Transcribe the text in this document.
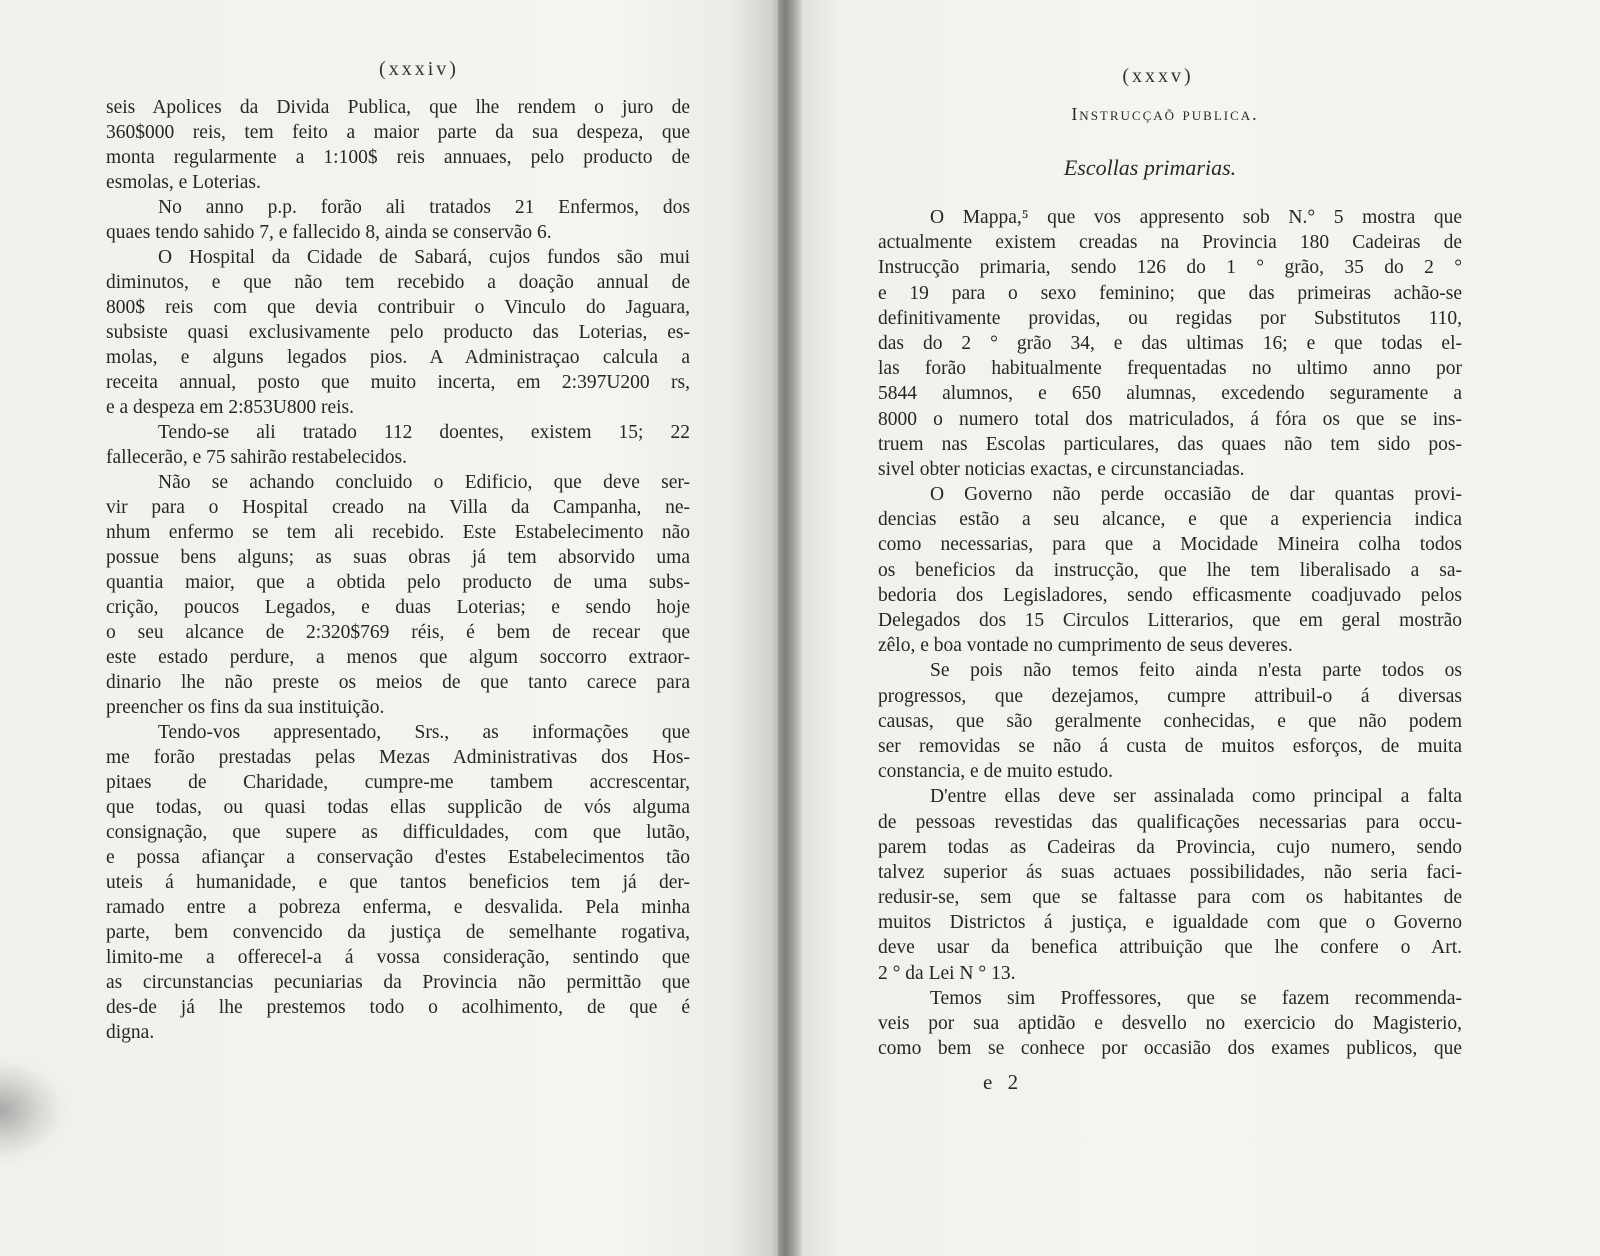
(xxxiv)
seis Apolices da Divida Publica, que lhe rendem o juro de
360$000 reis, tem feito a maior parte da sua despeza, que
monta regularmente a 1:100$ reis annuaes, pelo producto de
esmolas, e Loterias.
No anno p.p. forão ali tratados 21 Enfermos, dos
quaes tendo sahido 7, e fallecido 8, ainda se conservão 6.
O Hospital da Cidade de Sabará, cujos fundos são mui
diminutos, e que não tem recebido a doação annual de
800$ reis com que devia contribuir o Vinculo do Jaguara,
subsiste quasi exclusivamente pelo producto das Loterias, es-
molas, e alguns legados pios. A Administraçao calcula a
receita annual, posto que muito incerta, em 2:397U200 rs,
e a despeza em 2:853U800 reis.
Tendo-se ali tratado 112 doentes, existem 15; 22
fallecerão, e 75 sahirão restabelecidos.
Não se achando concluido o Edificio, que deve ser-
vir para o Hospital creado na Villa da Campanha, ne-
nhum enfermo se tem ali recebido. Este Estabelecimento não
possue bens alguns; as suas obras já tem absorvido uma
quantia maior, que a obtida pelo producto de uma subs-
crição, poucos Legados, e duas Loterias; e sendo hoje
o seu alcance de 2:320$769 réis, é bem de recear que
este estado perdure, a menos que algum soccorro extraor-
dinario lhe não preste os meios de que tanto carece para
preencher os fins da sua instituição.
Tendo-vos appresentado, Srs., as informações que
me forão prestadas pelas Mezas Administrativas dos Hos-
pitaes de Charidade, cumpre-me tambem accrescentar,
que todas, ou quasi todas ellas supplicão de vós alguma
consignação, que supere as difficuldades, com que lutão,
e possa afiançar a conservação d'estes Estabelecimentos tão
uteis á humanidade, e que tantos beneficios tem já der-
ramado entre a pobreza enferma, e desvalida. Pela minha
parte, bem convencido da justiça de semelhante rogativa,
limito-me a offerecel-a á vossa consideração, sentindo que
as circunstancias pecuniarias da Provincia não permittão que
des-de já lhe prestemos todo o acolhimento, de que é
digna.
(xxxv)
Instrucçaõ publica.
Escollas primarias.
O Mappa,⁵ que vos appresento sob N.° 5 mostra que
actualmente existem creadas na Provincia 180 Cadeiras de
Instrucção primaria, sendo 126 do 1 ° grão, 35 do 2 °
e 19 para o sexo feminino; que das primeiras achão-se
definitivamente providas, ou regidas por Substitutos 110,
das do 2 ° grão 34, e das ultimas 16; e que todas el-
las forão habitualmente frequentadas no ultimo anno por
5844 alumnos, e 650 alumnas, excedendo seguramente a
8000 o numero total dos matriculados, á fóra os que se ins-
truem nas Escolas particulares, das quaes não tem sido pos-
sivel obter noticias exactas, e circunstanciadas.
O Governo não perde occasião de dar quantas provi-
dencias estão a seu alcance, e que a experiencia indica
como necessarias, para que a Mocidade Mineira colha todos
os beneficios da instrucção, que lhe tem liberalisado a sa-
bedoria dos Legisladores, sendo efficasmente coadjuvado pelos
Delegados dos 15 Circulos Litterarios, que em geral mostrão
zêlo, e boa vontade no cumprimento de seus deveres.
Se pois não temos feito ainda n'esta parte todos os
progressos, que dezejamos, cumpre attribuil-o á diversas
causas, que são geralmente conhecidas, e que não podem
ser removidas se não á custa de muitos esforços, de muita
constancia, e de muito estudo.
D'entre ellas deve ser assinalada como principal a falta
de pessoas revestidas das qualificações necessarias para occu-
parem todas as Cadeiras da Provincia, cujo numero, sendo
talvez superior ás suas actuaes possibilidades, não seria faci-
redusir-se, sem que se faltasse para com os habitantes de
muitos Districtos á justiça, e igualdade com que o Governo
deve usar da benefica attribuição que lhe confere o Art.
2 ° da Lei N ° 13.
Temos sim Proffessores, que se fazem recommenda-
veis por sua aptidão e desvello no exercicio do Magisterio,
como bem se conhece por occasião dos exames publicos, que
e 2
